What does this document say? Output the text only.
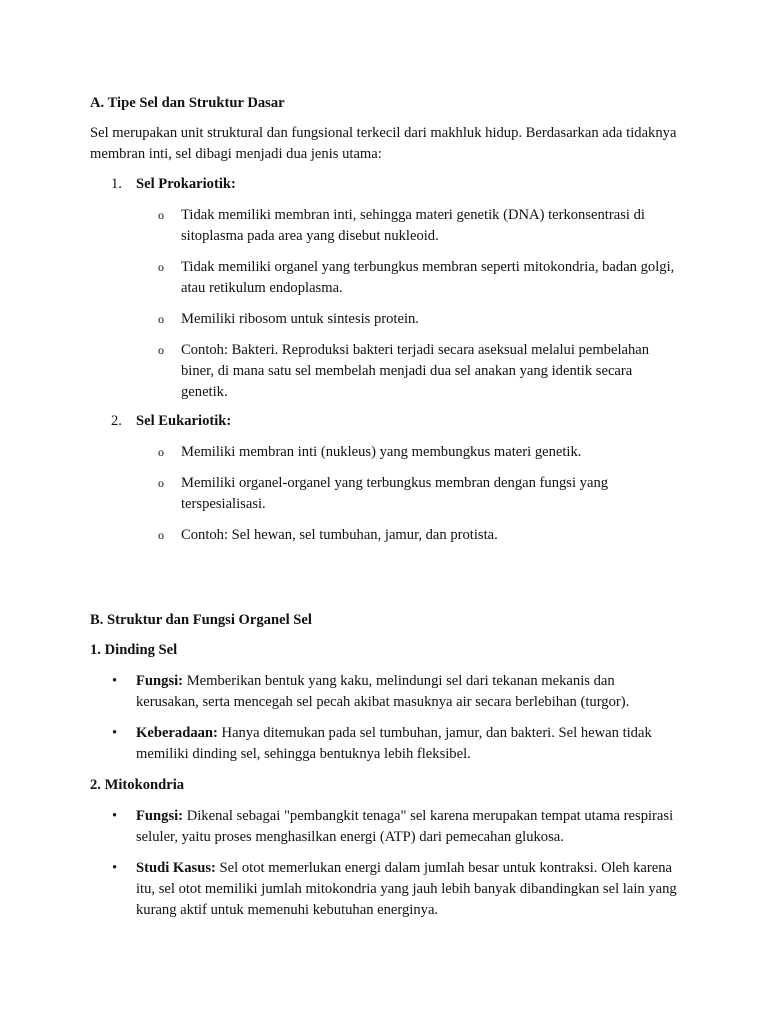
A. Tipe Sel dan Struktur Dasar

Sel merupakan unit struktural dan fungsional terkecil dari makhluk hidup. Berdasarkan ada tidaknya membran inti, sel dibagi menjadi dua jenis utama:

1. Sel Prokariotik:
o Tidak memiliki membran inti, sehingga materi genetik (DNA) terkonsentrasi di sitoplasma pada area yang disebut nukleoid.
o Tidak memiliki organel yang terbungkus membran seperti mitokondria, badan golgi, atau retikulum endoplasma.
o Memiliki ribosom untuk sintesis protein.
o Contoh: Bakteri. Reproduksi bakteri terjadi secara aseksual melalui pembelahan biner, di mana satu sel membelah menjadi dua sel anakan yang identik secara genetik.
2. Sel Eukariotik:
o Memiliki membran inti (nukleus) yang membungkus materi genetik.
o Memiliki organel-organel yang terbungkus membran dengan fungsi yang terspesialisasi.
o Contoh: Sel hewan, sel tumbuhan, jamur, dan protista.
B. Struktur dan Fungsi Organel Sel
1. Dinding Sel
• Fungsi: Memberikan bentuk yang kaku, melindungi sel dari tekanan mekanis dan kerusakan, serta mencegah sel pecah akibat masuknya air secara berlebihan (turgor).
• Keberadaan: Hanya ditemukan pada sel tumbuhan, jamur, dan bakteri. Sel hewan tidak memiliki dinding sel, sehingga bentuknya lebih fleksibel.
2. Mitokondria
• Fungsi: Dikenal sebagai "pembangkit tenaga" sel karena merupakan tempat utama respirasi seluler, yaitu proses menghasilkan energi (ATP) dari pemecahan glukosa.
• Studi Kasus: Sel otot memerlukan energi dalam jumlah besar untuk kontraksi. Oleh karena itu, sel otot memiliki jumlah mitokondria yang jauh lebih banyak dibandingkan sel lain yang kurang aktif untuk memenuhi kebutuhan energinya.
